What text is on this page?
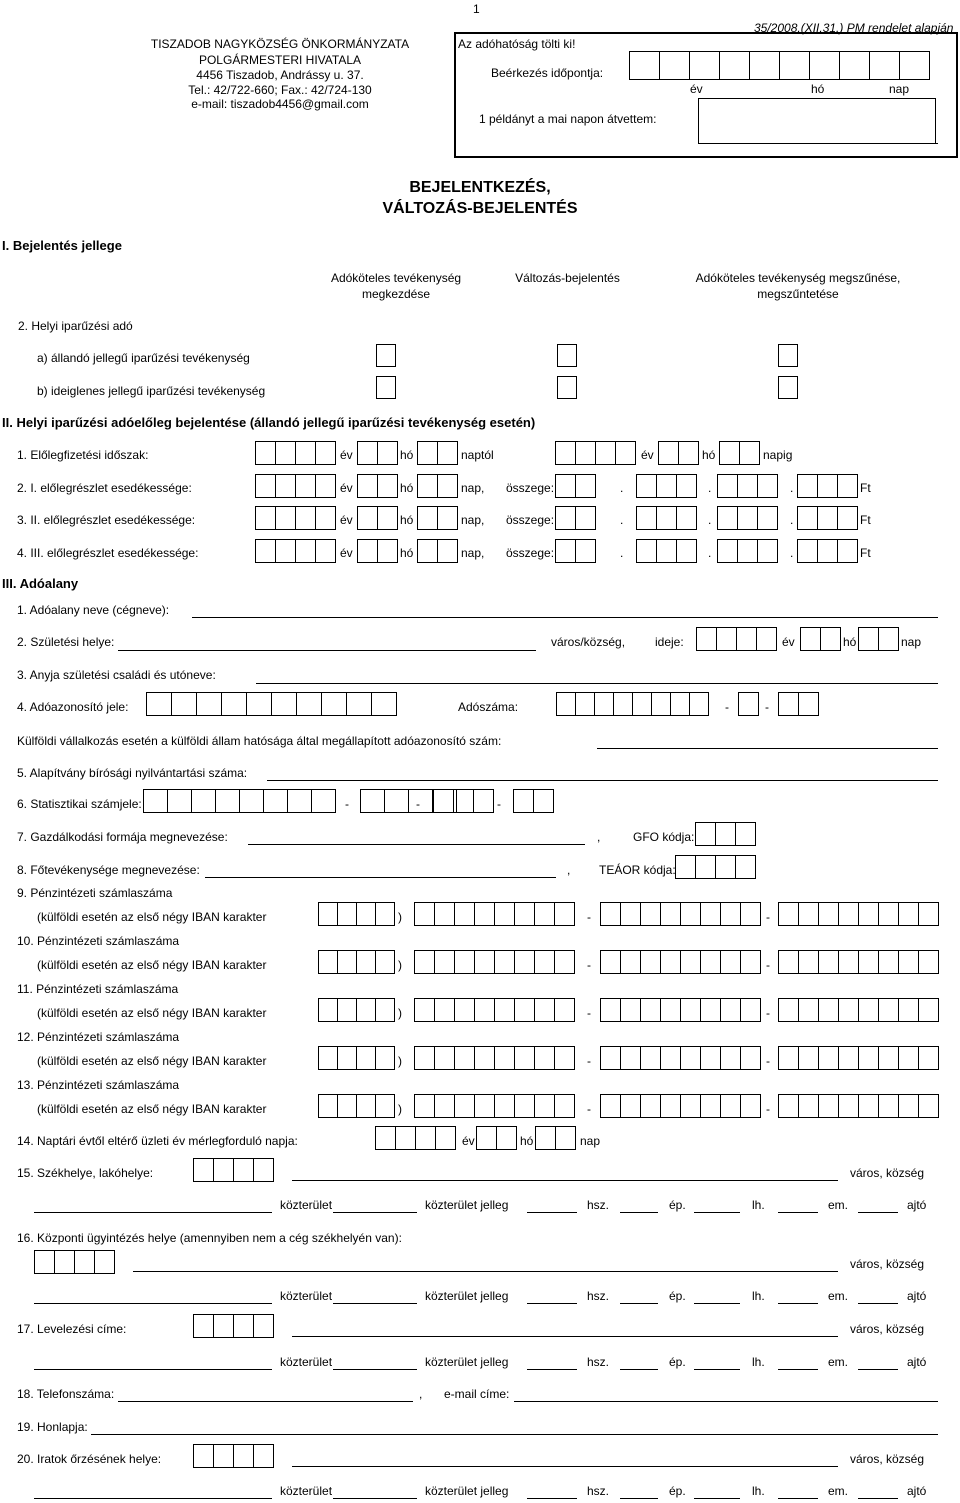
1
35/2008.(XII.31.) PM rendelet alapján
TISZADOB NAGYKÖZSÉG ÖNKORMÁNYZATA
POLGÁRMESTERI HIVATALA
4456 Tiszadob, Andrássy u. 37.
Tel.: 42/722-660; Fax.: 42/724-130
e-mail: tiszadob4456@gmail.com
Az adóhatóság tölti ki!
Beérkezés időpontja:
év	hó	nap
1 példányt a mai napon átvettem:
BEJELENTKEZÉS,
VÁLTOZÁS-BEJELENTÉS
I. Bejelentés jellege
Adóköteles tevékenység
megkezdése
Változás-bejelentés	Adóköteles tevékenység megszűnése,
megszűntetése
2. Helyi iparűzési adó
a) állandó jellegű iparűzési tevékenység
b) ideiglenes jellegű iparűzési tevékenység
II. Helyi iparűzési adóelőleg bejelentése (állandó jellegű iparűzési tevékenység esetén)
1. Előlegfizetési időszak:	év	hó	naptól	év	hó	napig
2. I. előlegrészlet esedékessége:	év	hó	nap, összege:	.	.	.	Ft
3. II. előlegrészlet esedékessége:	év	hó	nap, összege:	.	.	.	Ft
4. III. előlegrészlet esedékessége:	év	hó	nap, összege:	.	.	.	Ft
III. Adóalany
1. Adóalany neve (cégneve):
2. Születési helye:	város/község, ideje:	év	hó	nap
3. Anyja születési családi és utóneve:
4. Adóazonosító jele:	Adószáma:	-	-
Külföldi vállalkozás esetén a külföldi állam hatósága által megállapított adóazonosító szám:
5. Alapítvány bírósági nyilvántartási száma:
6. Statisztikai számjele:	-	-	-
7. Gazdálkodási formája megnevezése:	,	GFO kódja:
8. Főtevékenysége megnevezése:	, TEÁOR kódja:
9. Pénzintézeti számlaszáma
(külföldi esetén az első négy IBAN karakter	)	-	-
10. Pénzintézeti számlaszáma
(külföldi esetén az első négy IBAN karakter	)	-	-
11. Pénzintézeti számlaszáma
(külföldi esetén az első négy IBAN karakter	)	-	-
12. Pénzintézeti számlaszáma
(külföldi esetén az első négy IBAN karakter	)	-	-
13. Pénzintézeti számlaszáma
(külföldi esetén az első négy IBAN karakter	)	-	-
14. Naptári évtől eltérő üzleti év mérlegforduló napja:	év	hó	nap
15. Székhelye, lakóhelye:	város, község
közterület	közterület jelleg	hsz.	ép.	lh.	em.	ajtó
16. Központi ügyintézés helye (amennyiben nem a cég székhelyén van):
város, község
közterület	közterület jelleg	hsz.	ép.	lh.	em.	ajtó
17. Levelezési címe:	város, község
közterület	közterület jelleg	hsz.	ép.	lh.	em.	ajtó
20. Iratok őrzésének helye:	város, község
közterület	közterület jelleg	hsz.	ép.	lh.	em.	ajtó
18. Telefonszáma:	, e-mail címe:
19. Honlapja:
